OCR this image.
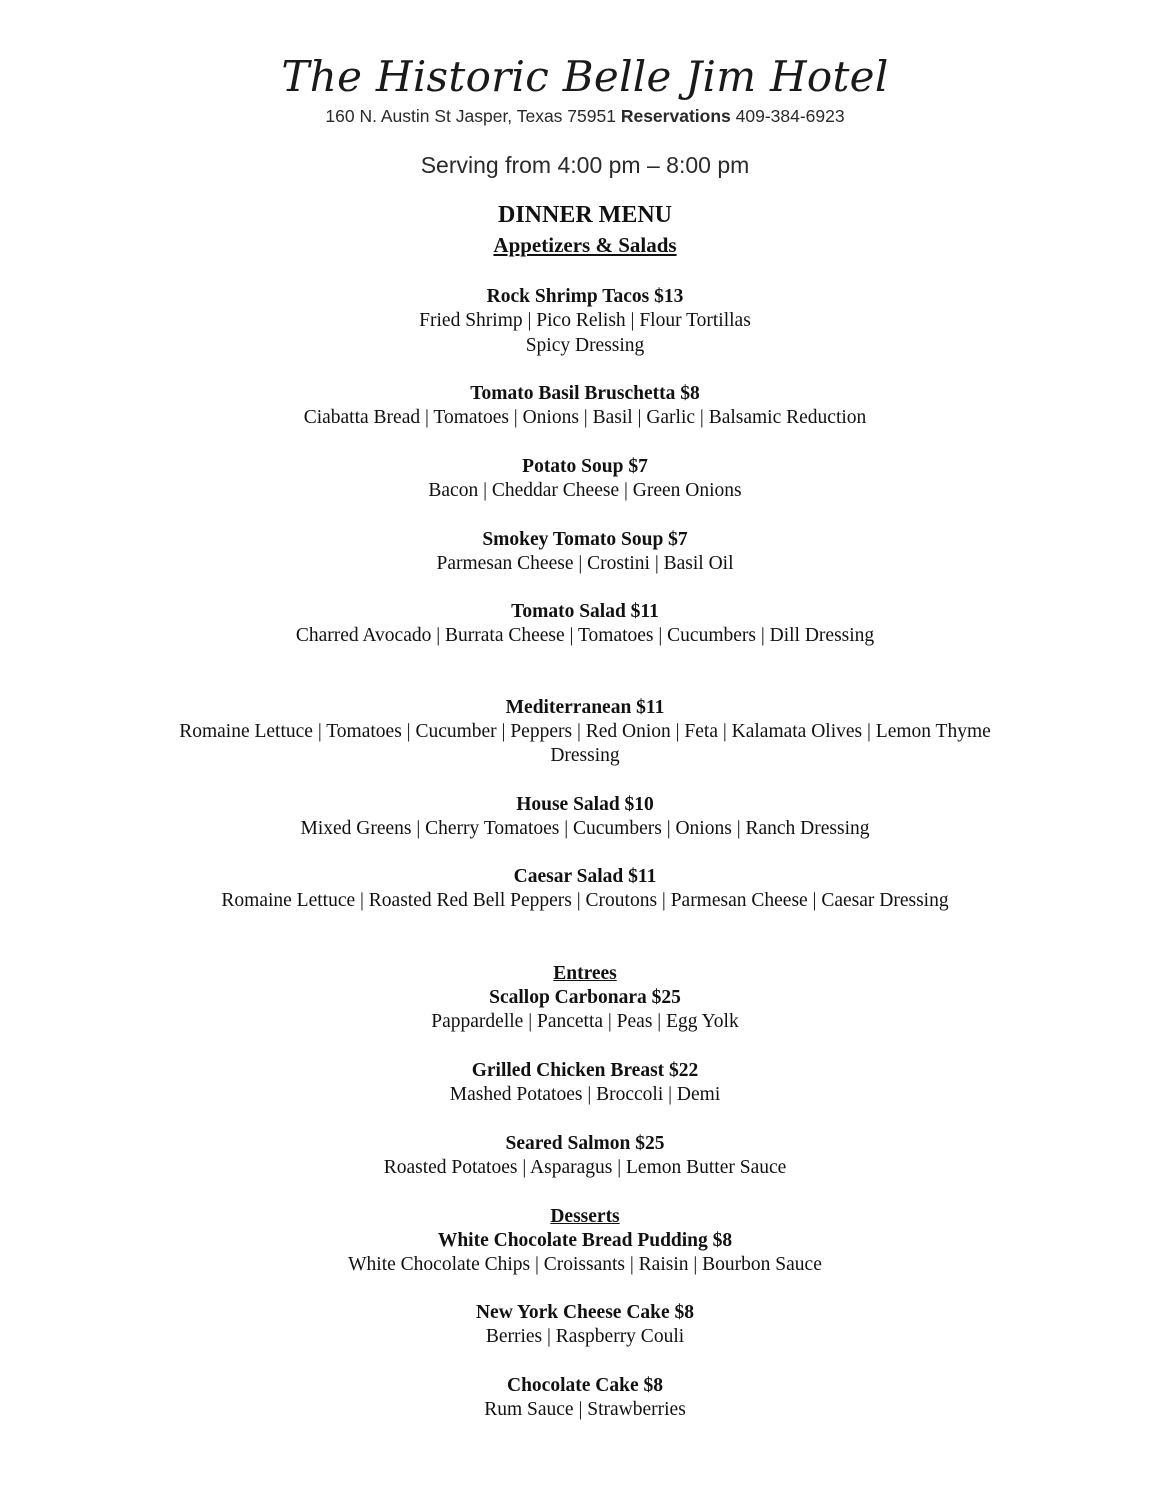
The Historic Belle Jim Hotel
160 N. Austin St Jasper, Texas 75951 Reservations 409-384-6923
Serving from 4:00 pm – 8:00 pm
DINNER MENU
Appetizers & Salads
Rock Shrimp Tacos $13
Fried Shrimp | Pico Relish | Flour Tortillas
Spicy Dressing
Tomato Basil Bruschetta $8
Ciabatta Bread | Tomatoes | Onions | Basil | Garlic | Balsamic Reduction
Potato Soup $7
Bacon | Cheddar Cheese | Green Onions
Smokey Tomato Soup $7
Parmesan Cheese | Crostini | Basil Oil
Tomato Salad $11
Charred Avocado | Burrata Cheese | Tomatoes | Cucumbers | Dill Dressing
Mediterranean $11
Romaine Lettuce | Tomatoes | Cucumber | Peppers | Red Onion | Feta | Kalamata Olives | Lemon Thyme
Dressing
House Salad $10
Mixed Greens | Cherry Tomatoes | Cucumbers | Onions | Ranch Dressing
Caesar Salad $11
Romaine Lettuce | Roasted Red Bell Peppers | Croutons | Parmesan Cheese | Caesar Dressing
Entrees
Scallop Carbonara $25
Pappardelle | Pancetta | Peas | Egg Yolk
Grilled Chicken Breast $22
Mashed Potatoes | Broccoli | Demi
Seared Salmon $25
Roasted Potatoes | Asparagus | Lemon Butter Sauce
Desserts
White Chocolate Bread Pudding $8
White Chocolate Chips | Croissants | Raisin | Bourbon Sauce
New York Cheese Cake $8
Berries | Raspberry Couli
Chocolate Cake $8
Rum Sauce | Strawberries
